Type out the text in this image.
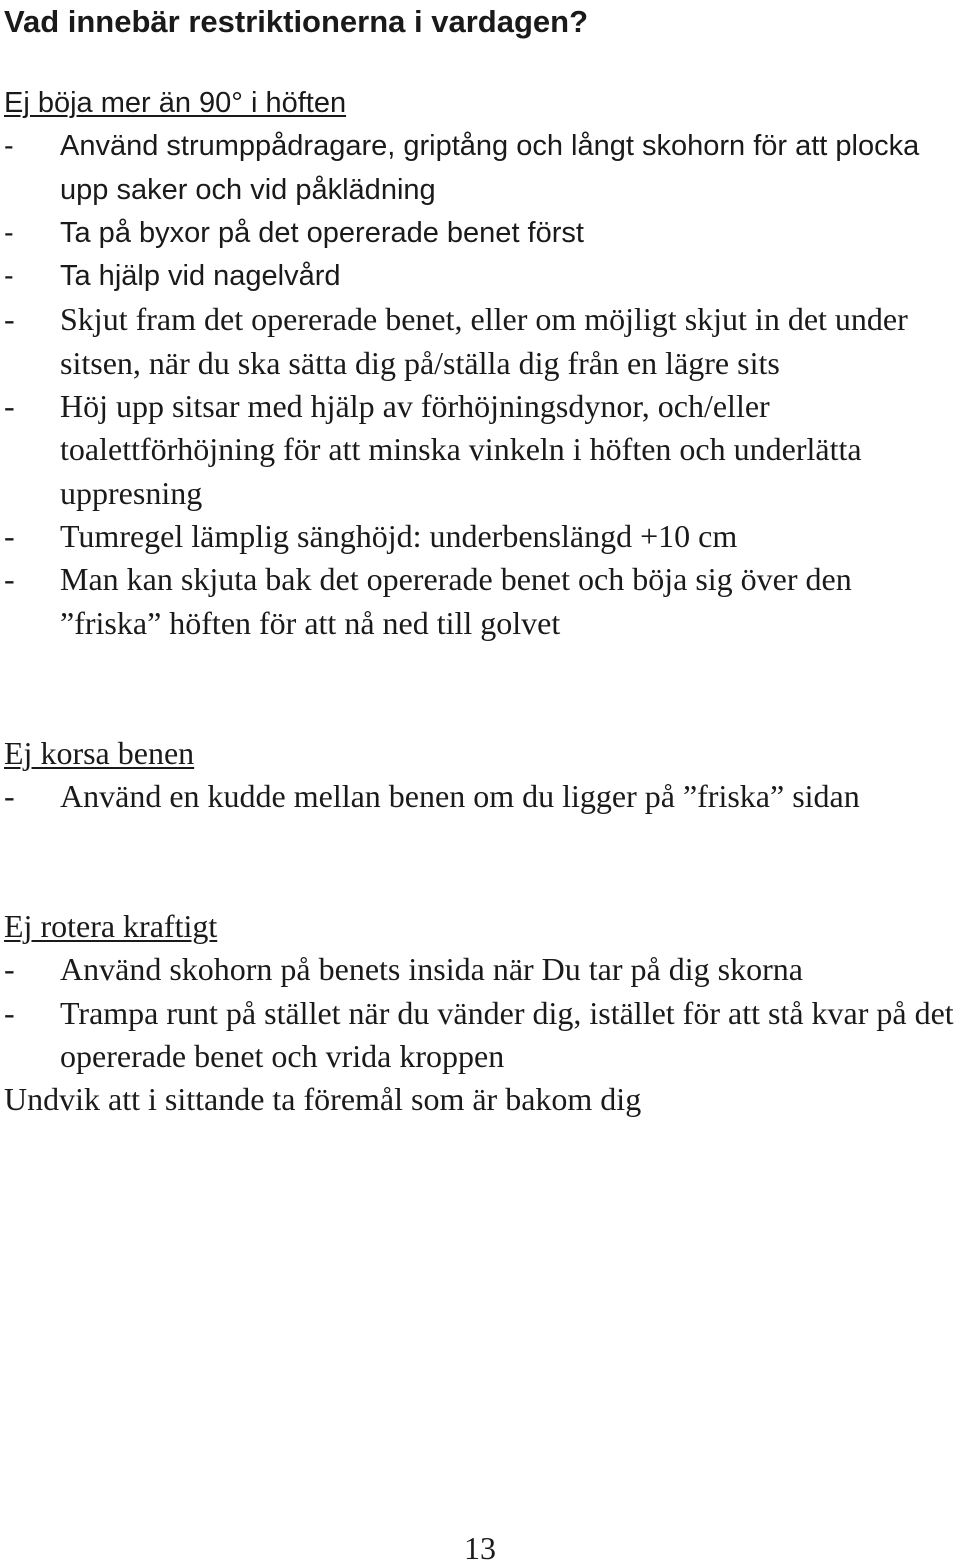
Vad innebär restriktionerna i vardagen?
Ej böja mer än 90° i höften
- Använd strumppådragare, griptång och långt skohorn för att plocka upp saker och vid påklädning
- Ta på byxor på det opererade benet först
- Ta hjälp vid nagelvård
- Skjut fram det opererade benet, eller om möjligt skjut in det under sitsen, när du ska sätta dig på/ställa dig från en lägre sits
- Höj upp sitsar med hjälp av förhöjningsdynor, och/eller toalettförhöjning för att minska vinkeln i höften och underlätta uppresning
- Tumregel lämplig sänghöjd: underbenslängd +10 cm
- Man kan skjuta bak det opererade benet och böja sig över den ”friska” höften för att nå ned till golvet
Ej korsa benen
- Använd en kudde mellan benen om du ligger på ”friska” sidan
Ej rotera kraftigt
- Använd skohorn på benets insida när Du tar på dig skorna
- Trampa runt på stället när du vänder dig, istället för att stå kvar på det opererade benet och vrida kroppen
Undvik att i sittande ta föremål som är bakom dig
13
